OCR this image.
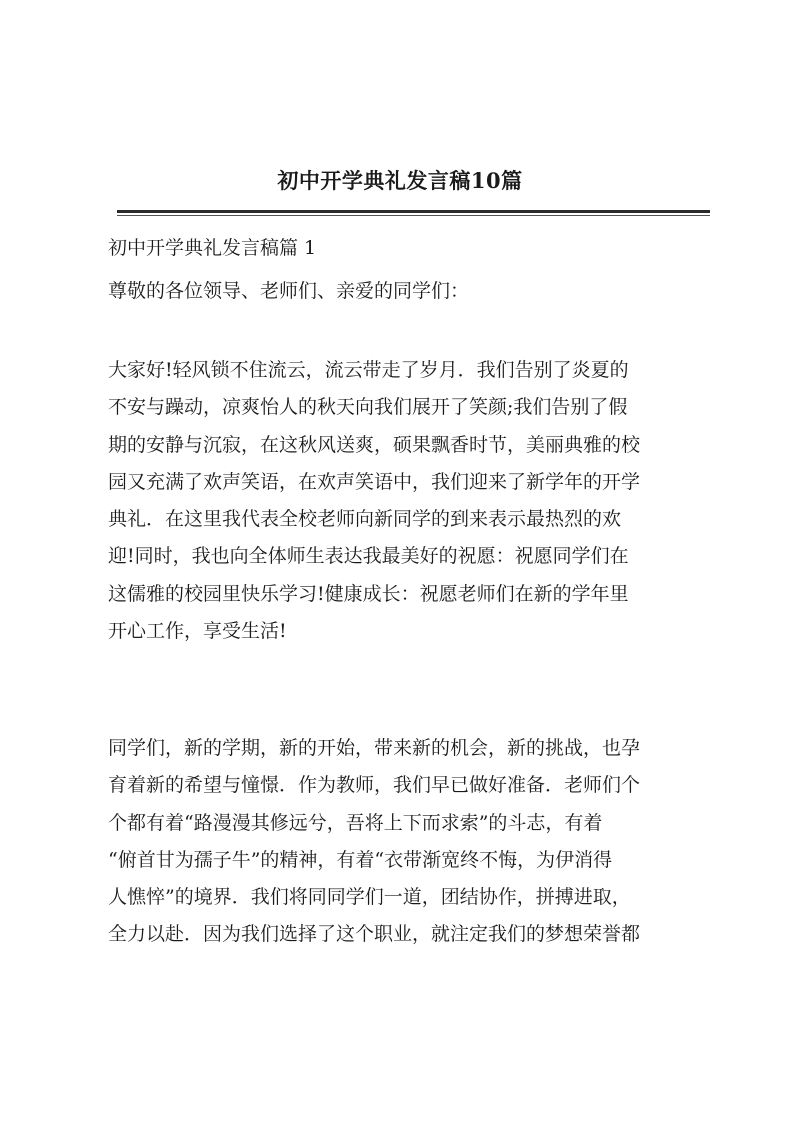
初中开学典礼发言稿10篇

初中开学典礼发言稿篇 1

尊敬的各位领导、老师们、亲爱的同学们：

大家好!轻风锁不住流云，流云带走了岁月．我们告别了炎夏的
不安与躁动，凉爽怡人的秋天向我们展开了笑颜;我们告别了假
期的安静与沉寂，在这秋风送爽，硕果飘香时节，美丽典雅的校
园又充满了欢声笑语，在欢声笑语中，我们迎来了新学年的开学
典礼．在这里我代表全校老师向新同学的到来表示最热烈的欢
迎!同时，我也向全体师生表达我最美好的祝愿：祝愿同学们在
这儒雅的校园里快乐学习!健康成长：祝愿老师们在新的学年里
开心工作，享受生活!
同学们，新的学期，新的开始，带来新的机会，新的挑战，也孕
育着新的希望与憧憬．作为教师，我们早已做好准备．老师们个
个都有着“路漫漫其修远兮，吾将上下而求索”的斗志，有着
“俯首甘为孺子牛”的精神，有着“衣带渐宽终不悔，为伊消得
人憔悴”的境界．我们将同同学们一道，团结协作，拼搏进取，
全力以赴．因为我们选择了这个职业，就注定我们的梦想荣誉都
